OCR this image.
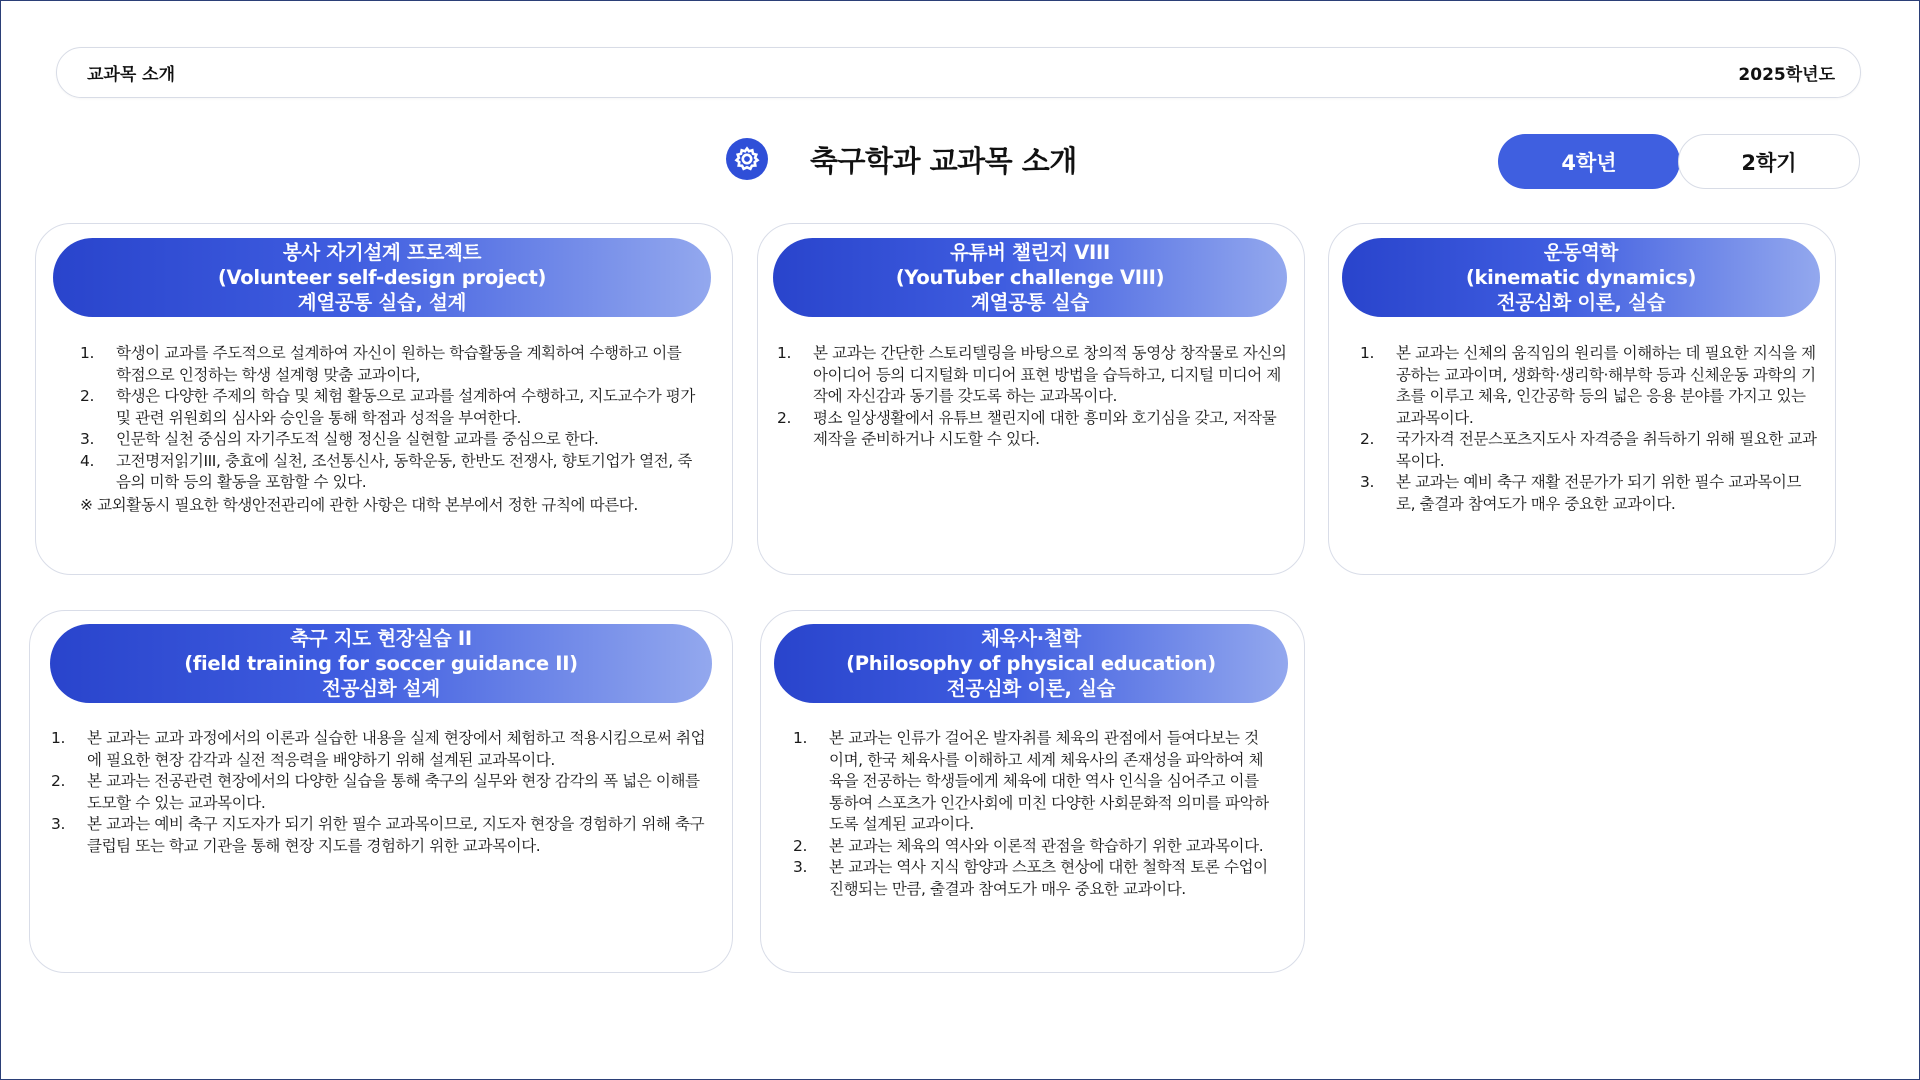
교과목 소개	2025학년도
축구학과 교과목 소개	4학년	2학기
봉사 자기설계 프로젝트
(Volunteer self-design project)
계열공통 실습, 설계
1. 학생이 교과를 주도적으로 설계하여 자신이 원하는 학습활동을 계획하여 수행하고 이를 학점으로 인정하는 학생 설계형 맞춤 교과이다,
2. 학생은 다양한 주제의 학습 및 체험 활동으로 교과를 설계하여 수행하고, 지도교수가 평가 및 관련 위원회의 심사와 승인을 통해 학점과 성적을 부여한다.
3. 인문학 실천 중심의 자기주도적 실행 정신을 실현할 교과를 중심으로 한다.
4. 고전명저읽기III, 충효에 실천, 조선통신사, 동학운동, 한반도 전쟁사, 향토기업가 열전, 죽음의 미학 등의 활동을 포함할 수 있다.
※ 교외활동시 필요한 학생안전관리에 관한 사항은 대학 본부에서 정한 규칙에 따른다.
유튜버 챌린지 VIII
(YouTuber challenge VIII)
계열공통 실습
1. 본 교과는 간단한 스토리텔링을 바탕으로 창의적 동영상 창작물로 자신의 아이디어 등의 디지털화 미디어 표현 방법을 습득하고, 디지털 미디어 제작에 자신감과 동기를 갖도록 하는 교과목이다.
2. 평소 일상생활에서 유튜브 챌린지에 대한 흥미와 호기심을 갖고, 저작물 제작을 준비하거나 시도할 수 있다.
운동역학
(kinematic dynamics)
전공심화 이론, 실습
1. 본 교과는 신체의 움직임의 원리를 이해하는 데 필요한 지식을 제공하는 교과이며, 생화학·생리학·해부학 등과 신체운동 과학의 기초를 이루고 체육, 인간공학 등의 넓은 응용 분야를 가지고 있는 교과목이다.
2. 국가자격 전문스포츠지도사 자격증을 취득하기 위해 필요한 교과목이다.
3. 본 교과는 예비 축구 재활 전문가가 되기 위한 필수 교과목이므로, 출결과 참여도가 매우 중요한 교과이다.
축구 지도 현장실습 II
(field training for soccer guidance II)
전공심화 설계
1. 본 교과는 교과 과정에서의 이론과 실습한 내용을 실제 현장에서 체험하고 적용시킴으로써 취업에 필요한 현장 감각과 실전 적응력을 배양하기 위해 설계된 교과목이다.
2. 본 교과는 전공관련 현장에서의 다양한 실습을 통해 축구의 실무와 현장 감각의 폭 넓은 이해를 도모할 수 있는 교과목이다.
3. 본 교과는 예비 축구 지도자가 되기 위한 필수 교과목이므로, 지도자 현장을 경험하기 위해 축구클럽팀 또는 학교 기관을 통해 현장 지도를 경험하기 위한 교과목이다.
체육사·철학
(Philosophy of physical education)
전공심화 이론, 실습
1. 본 교과는 인류가 걸어온 발자취를 체육의 관점에서 들여다보는 것이며, 한국 체육사를 이해하고 세계 체육사의 존재성을 파악하여 체육을 전공하는 학생들에게 체육에 대한 역사 인식을 심어주고 이를 통하여 스포츠가 인간사회에 미친 다양한 사회문화적 의미를 파악하도록 설계된 교과이다.
2. 본 교과는 체육의 역사와 이론적 관점을 학습하기 위한 교과목이다.
3. 본 교과는 역사 지식 함양과 스포츠 현상에 대한 철학적 토론 수업이 진행되는 만큼, 출결과 참여도가 매우 중요한 교과이다.
